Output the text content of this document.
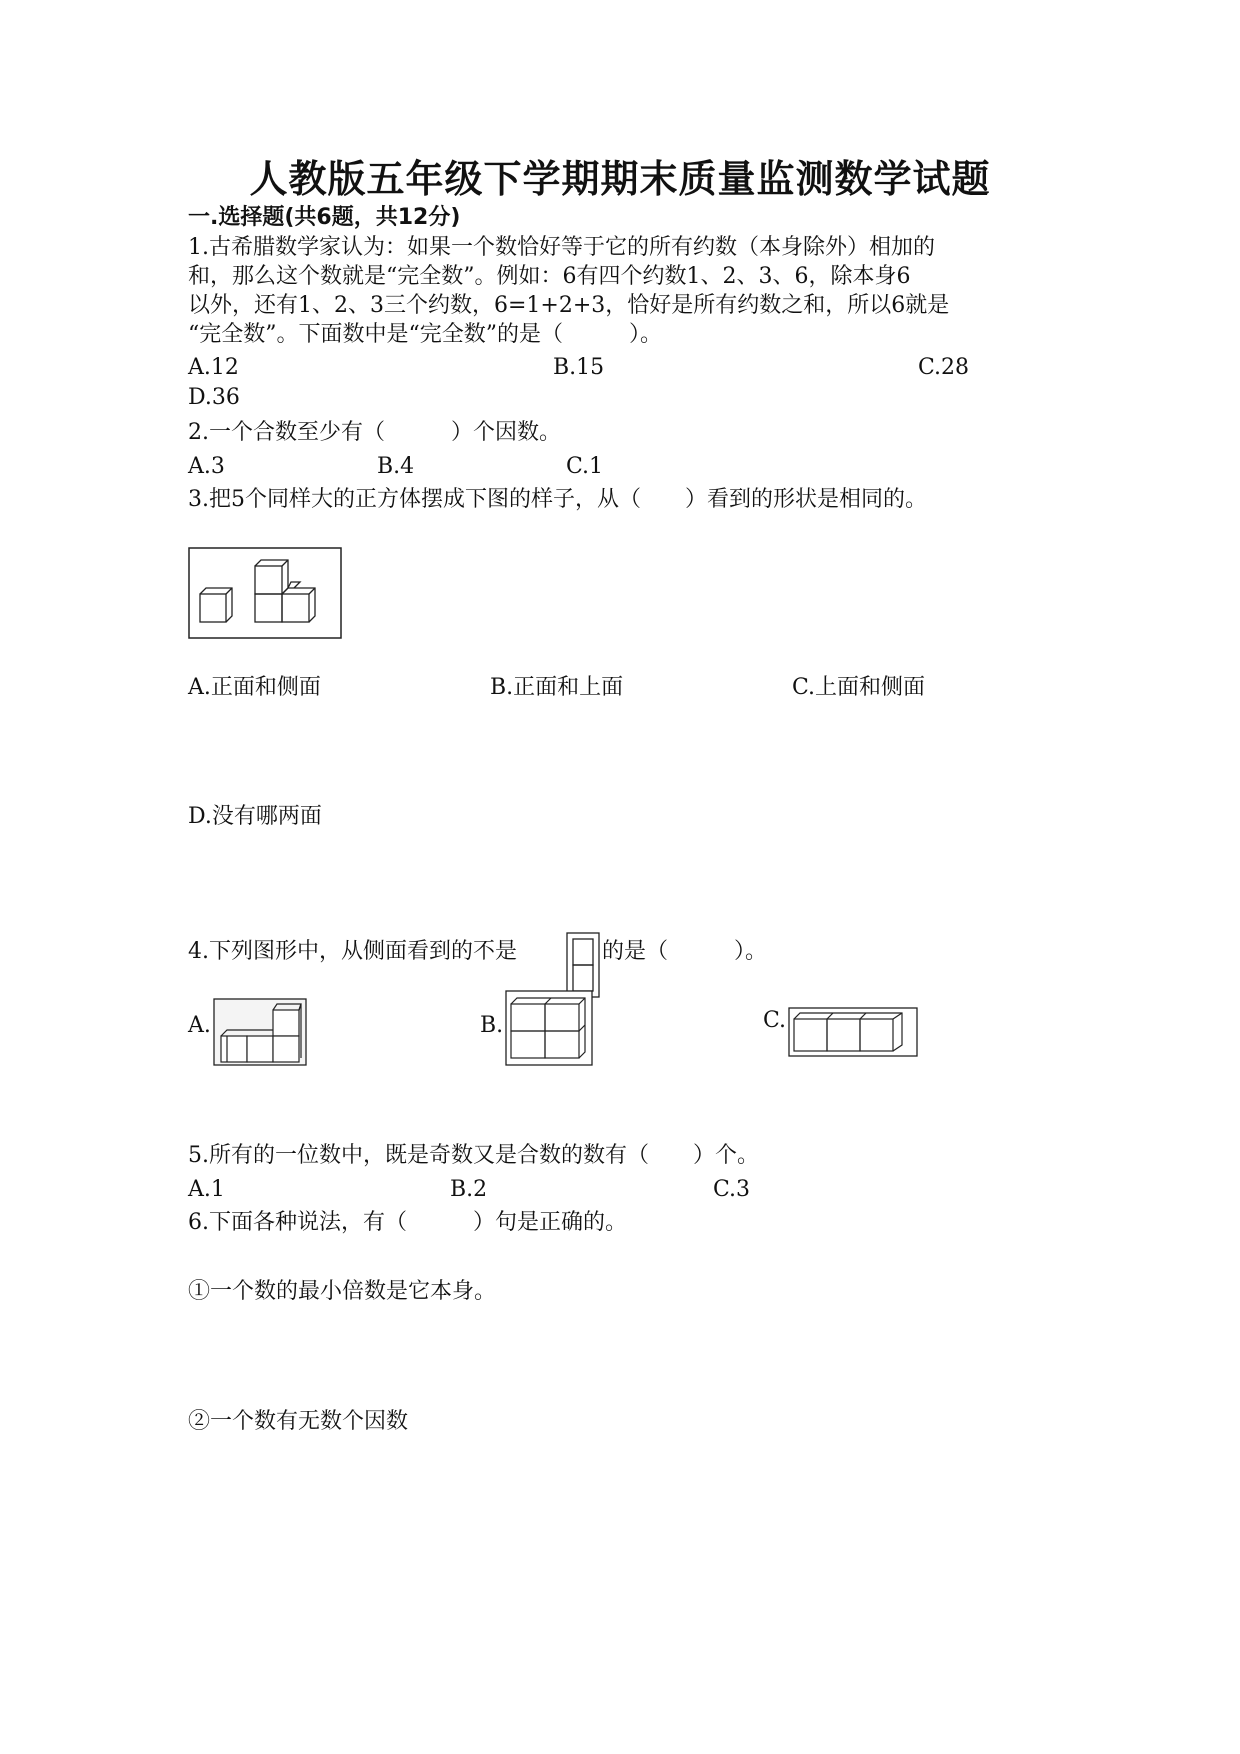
人教版五年级下学期期末质量监测数学试题
一.选择题(共6题，共12分)
1.古希腊数学家认为：如果一个数恰好等于它的所有约数（本身除外）相加的
和，那么这个数就是“完全数”。例如：6有四个约数1、2、3、6，除本身6
以外，还有1、2、3三个约数，6=1+2+3，恰好是所有约数之和，所以6就是
“完全数”。下面数中是“完全数”的是（　　　）。
A.12	B.15	C.28
D.36
2.一个合数至少有（　　　）个因数。
A.3	B.4	C.1
3.把5个同样大的正方体摆成下图的样子，从（　　）看到的形状是相同的。
A.正面和侧面	B.正面和上面	C.上面和侧面
D.没有哪两面
4.下列图形中，从侧面看到的不是	的是（　　　）。
A.	B.	C.
5.所有的一位数中，既是奇数又是合数的数有（　　）个。
A.1	B.2	C.3
6.下面各种说法，有（　　　）句是正确的。
①一个数的最小倍数是它本身。
②一个数有无数个因数
